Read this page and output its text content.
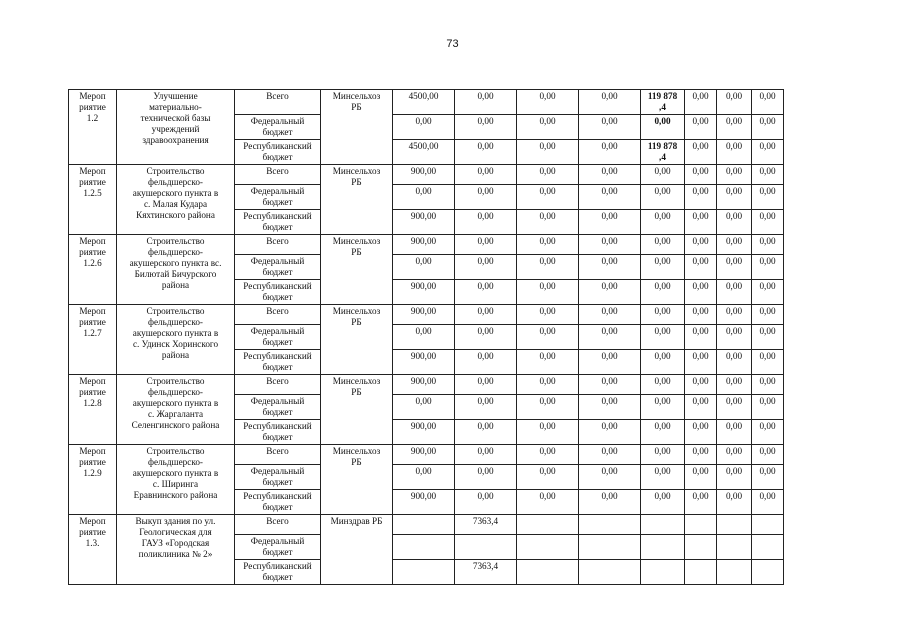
73
Мероп
риятие
1.2	Улучшение
материально-
технической базы
учреждений
здравоохранения	Всего	Минсельхоз
РБ	4500,00	0,00	0,00	0,00	119 878
,4	0,00	0,00	0,00
		Федеральный
бюджет		0,00	0,00	0,00	0,00	0,00	0,00	0,00	0,00
		Республиканский
бюджет		4500,00	0,00	0,00	0,00	119 878
,4	0,00	0,00	0,00
Мероп
риятие
1.2.5	Строительство
фельдшерско-
акушерского пункта в
с. Малая Кудара
Кяхтинского района	Всего	Минсельхоз
РБ	900,00	0,00	0,00	0,00	0,00	0,00	0,00	0,00
		Федеральный
бюджет		0,00	0,00	0,00	0,00	0,00	0,00	0,00	0,00
		Республиканский
бюджет		900,00	0,00	0,00	0,00	0,00	0,00	0,00	0,00
Мероп
риятие
1.2.6	Строительство
фельдшерско-
акушерского пункта вс.
Билютай Бичурского
района	Всего	Минсельхоз
РБ	900,00	0,00	0,00	0,00	0,00	0,00	0,00	0,00
		Федеральный
бюджет		0,00	0,00	0,00	0,00	0,00	0,00	0,00	0,00
		Республиканский
бюджет		900,00	0,00	0,00	0,00	0,00	0,00	0,00	0,00
Мероп
риятие
1.2.7	Строительство
фельдшерско-
акушерского пункта в
с. Удинск Хоринского
района	Всего	Минсельхоз
РБ	900,00	0,00	0,00	0,00	0,00	0,00	0,00	0,00
		Федеральный
бюджет		0,00	0,00	0,00	0,00	0,00	0,00	0,00	0,00
		Республиканский
бюджет		900,00	0,00	0,00	0,00	0,00	0,00	0,00	0,00
Мероп
риятие
1.2.8	Строительство
фельдшерско-
акушерского пункта в
с. Жаргаланта
Селенгинского района	Всего	Минсельхоз
РБ	900,00	0,00	0,00	0,00	0,00	0,00	0,00	0,00
		Федеральный
бюджет		0,00	0,00	0,00	0,00	0,00	0,00	0,00	0,00
		Республиканский
бюджет		900,00	0,00	0,00	0,00	0,00	0,00	0,00	0,00
Мероп
риятие
1.2.9	Строительство
фельдшерско-
акушерского пункта в
с. Ширинга
Еравнинского района	Всего	Минсельхоз
РБ	900,00	0,00	0,00	0,00	0,00	0,00	0,00	0,00
		Федеральный
бюджет		0,00	0,00	0,00	0,00	0,00	0,00	0,00	0,00
		Республиканский
бюджет		900,00	0,00	0,00	0,00	0,00	0,00	0,00	0,00
Мероп
риятие
1.3.	Выкуп здания по ул.
Геологическая для
ГАУЗ «Городская
поликлиника № 2»	Всего	Минздрав РБ		7363,4						
		Федеральный
бюджет									
		Республиканский
бюджет			7363,4						
